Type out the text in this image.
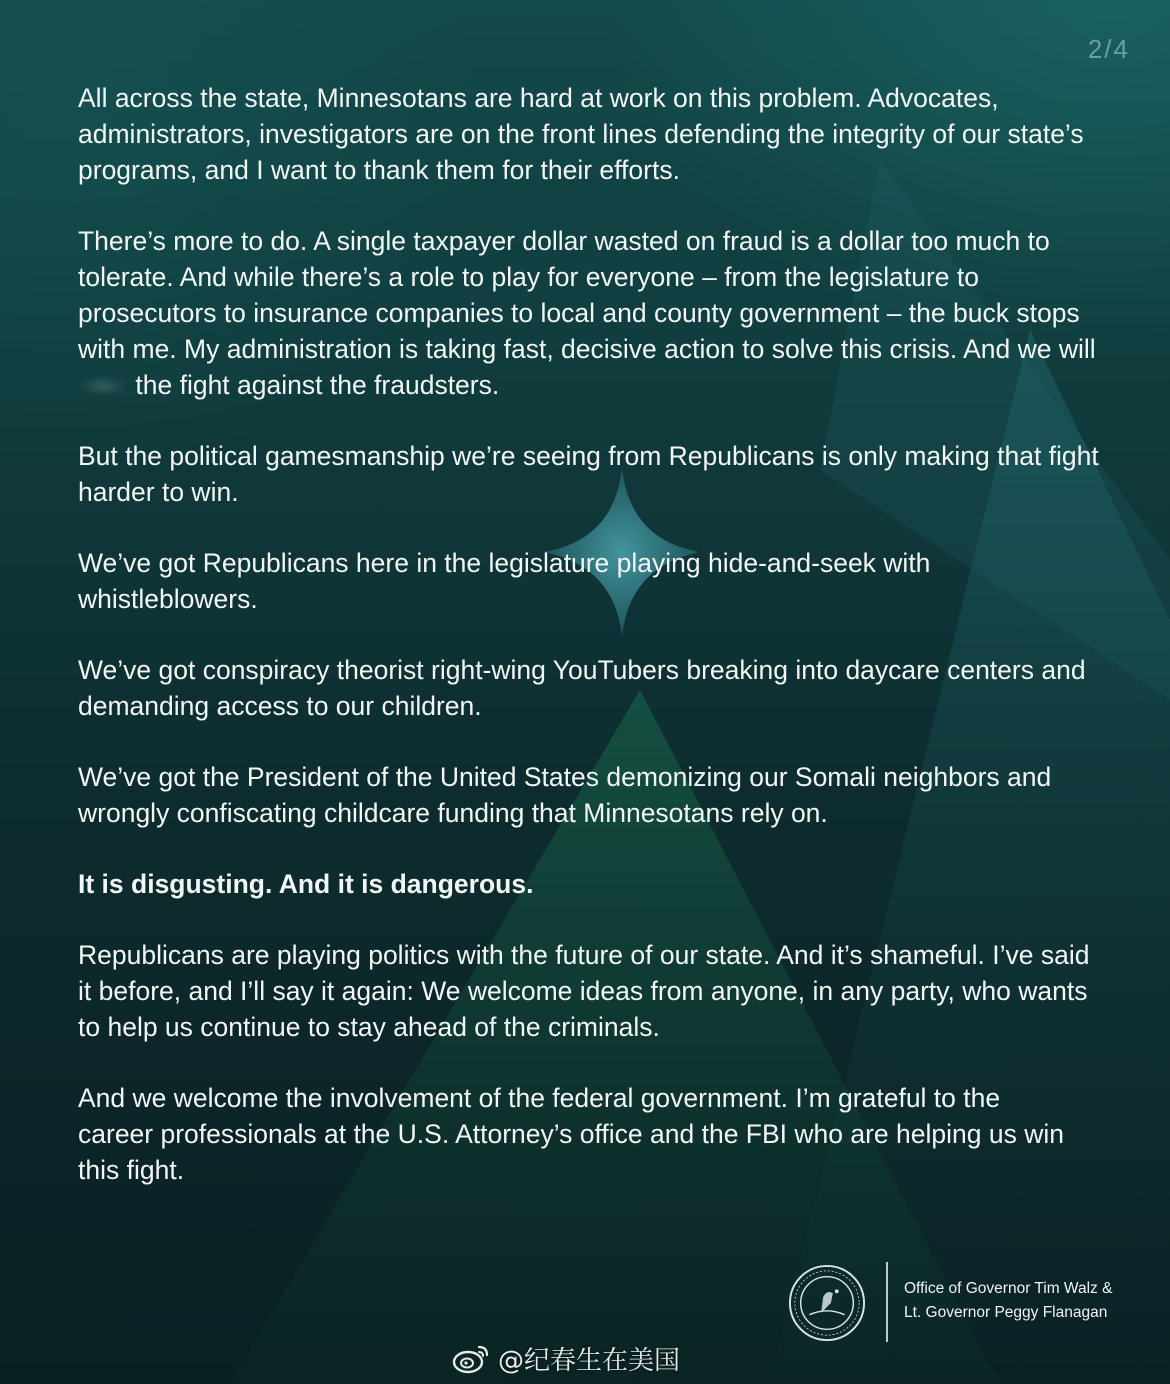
2/4

All across the state, Minnesotans are hard at work on this problem. Advocates, administrators, investigators are on the front lines defending the integrity of our state’s programs, and I want to thank them for their efforts.

There’s more to do. A single taxpayer dollar wasted on fraud is a dollar too much to tolerate. And while there’s a role to play for everyone – from the legislature to prosecutors to insurance companies to local and county government – the buck stops with me. My administration is taking fast, decisive action to solve this crisis. And we will  the fight against the fraudsters.

But the political gamesmanship we’re seeing from Republicans is only making that fight harder to win.

We’ve got Republicans here in the legislature playing hide-and-seek with whistleblowers.

We’ve got conspiracy theorist right-wing YouTubers breaking into daycare centers and demanding access to our children.

We’ve got the President of the United States demonizing our Somali neighbors and wrongly confiscating childcare funding that Minnesotans rely on.

It is disgusting. And it is dangerous.

Republicans are playing politics with the future of our state. And it’s shameful. I’ve said it before, and I’ll say it again: We welcome ideas from anyone, in any party, who wants to help us continue to stay ahead of the criminals.

And we welcome the involvement of the federal government. I’m grateful to the career professionals at the U.S. Attorney’s office and the FBI who are helping us win this fight.

Office of Governor Tim Walz &

Lt. Governor Peggy Flanagan

@纪春生在美国
